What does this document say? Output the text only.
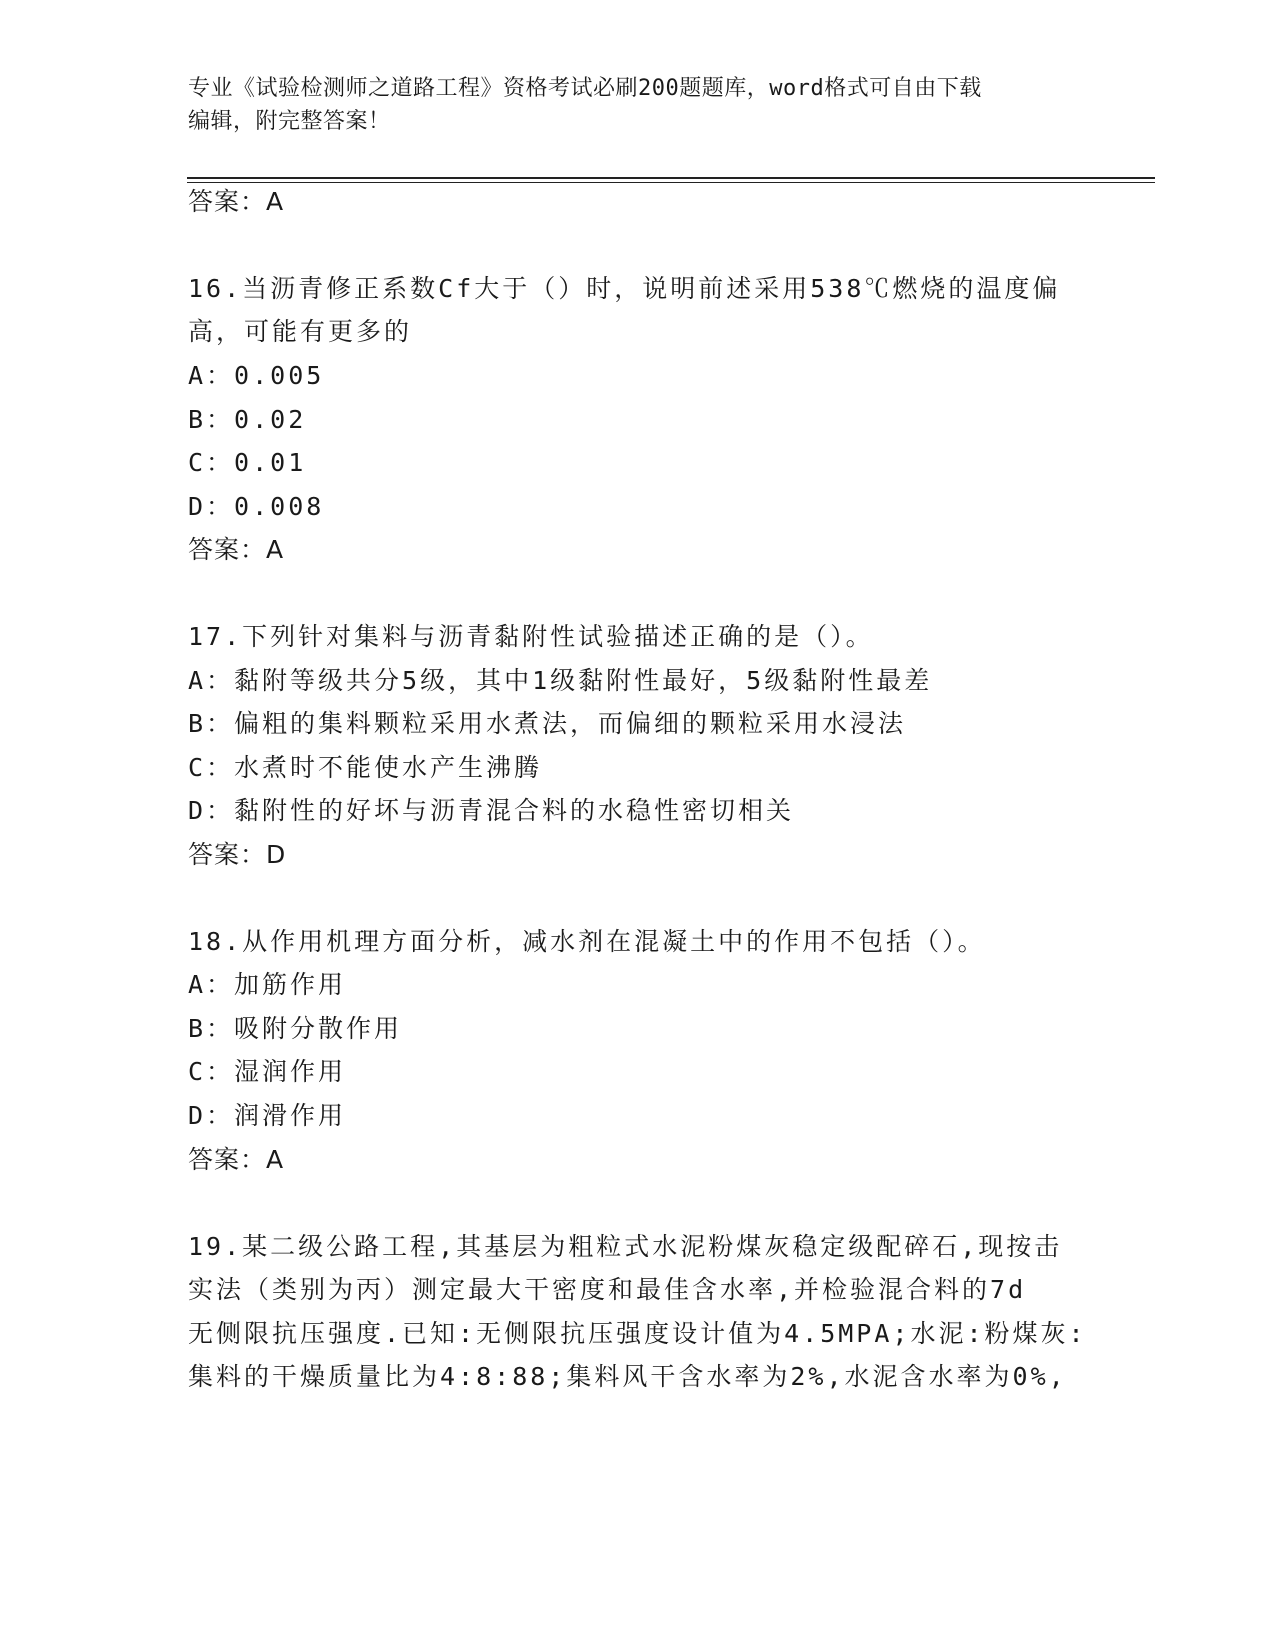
专业《试验检测师之道路工程》资格考试必刷200题题库，word格式可自由下载
编辑，附完整答案！
答案：A
16.当沥青修正系数Cf大于（）时，说明前述采用538℃燃烧的温度偏
高，可能有更多的
A：0.005
B：0.02
C：0.01
D：0.008
答案：A
17.下列针对集料与沥青黏附性试验描述正确的是（）。
A：黏附等级共分5级，其中1级黏附性最好，5级黏附性最差
B：偏粗的集料颗粒采用水煮法，而偏细的颗粒采用水浸法
C：水煮时不能使水产生沸腾
D：黏附性的好坏与沥青混合料的水稳性密切相关
答案：D
18.从作用机理方面分析，减水剂在混凝土中的作用不包括（）。
A：加筋作用
B：吸附分散作用
C：湿润作用
D：润滑作用
答案：A
19.某二级公路工程,其基层为粗粒式水泥粉煤灰稳定级配碎石,现按击
实法（类别为丙）测定最大干密度和最佳含水率,并检验混合料的7d
无侧限抗压强度.已知:无侧限抗压强度设计值为4.5MPA;水泥:粉煤灰:
集料的干燥质量比为4:8:88;集料风干含水率为2%,水泥含水率为0%,
